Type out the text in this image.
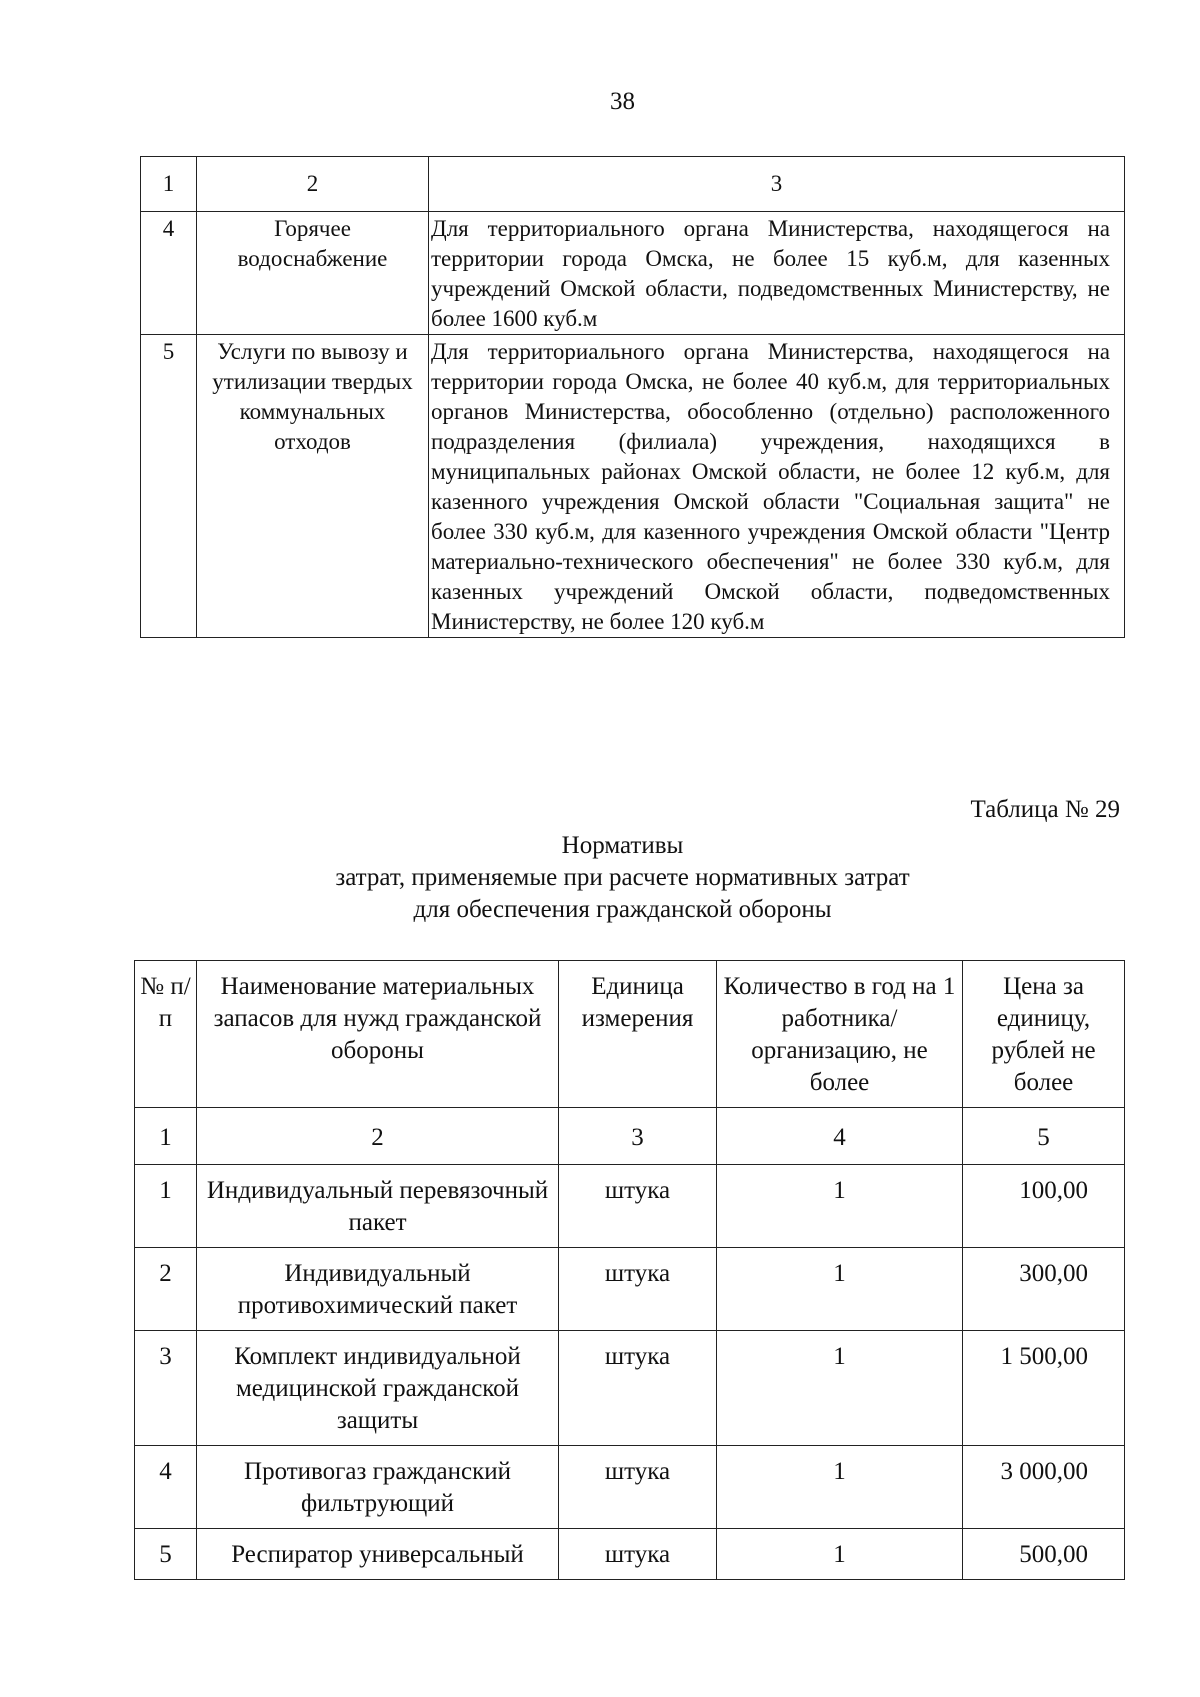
38
1	2	3
4	Горячее водоснабжение	Для территориального органа Министерства, находящегося на территории города Омска, не более 15 куб.м, для казенных учреждений Омской области, подведомственных Министерству, не более 1600 куб.м
5	Услуги по вывозу и утилизации твердых коммунальных отходов	Для территориального органа Министерства, находящегося на территории города Омска, не более 40 куб.м, для территориальных органов Министерства, обособленно (отдельно) расположенного подразделения (филиала) учреждения, находящихся в муниципальных районах Омской области, не более 12 куб.м, для казенного учреждения Омской области "Социальная защита" не более 330 куб.м, для казенного учреждения Омской области "Центр материально-технического обеспечения" не более 330 куб.м, для казенных учреждений Омской области, подведомственных Министерству, не более 120 куб.м
Таблица № 29
Нормативы
затрат, применяемые при расчете нормативных затрат
для обеспечения гражданской обороны
№ п/п	Наименование материальных запасов для нужд гражданской обороны	Единица измерения	Количество в год на 1 работника/ организацию, не более	Цена за единицу, рублей не более
1	2	3	4	5
1	Индивидуальный перевязочный пакет	штука	1	100,00
2	Индивидуальный противохимический пакет	штука	1	300,00
3	Комплект индивидуальной медицинской гражданской защиты	штука	1	1 500,00
4	Противогаз гражданский фильтрующий	штука	1	3 000,00
5	Респиратор универсальный	штука	1	500,00
